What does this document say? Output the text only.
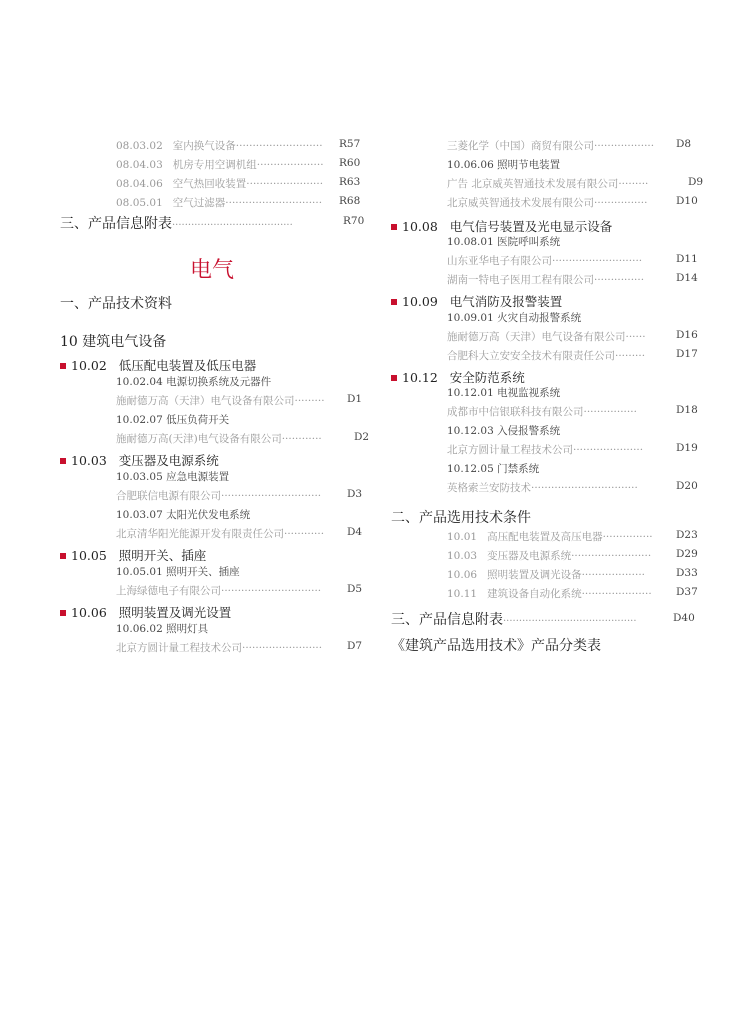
08.03.02 室内换气设备·························· R57
08.04.03 机房专用空调机组···················· R60
08.04.06 空气热回收装置······················· R63
08.05.01 空气过滤器····························· R68
三、产品信息附表······································	R70
电气
一、产品技术资料
10 建筑电气设备
10.02 低压配电装置及低压电器
10.02.04 电源切换系统及元器件
施耐德万高（天津）电气设备有限公司········· D1
10.02.07 低压负荷开关
施耐德万高(天津)电气设备有限公司············	D2
10.03 变压器及电源系统
10.03.05 应急电源装置
合肥联信电源有限公司······························ D3
10.03.07 太阳光伏发电系统
北京清华阳光能源开发有限责任公司············ D4
10.05 照明开关、插座
10.05.01 照明开关、插座
上海绿德电子有限公司······························ D5
10.06 照明装置及调光设置
10.06.02 照明灯具
北京方圆计量工程技术公司························ D7
三菱化学（中国）商贸有限公司·················· D8
10.06.06 照明节电装置
广告 北京威英智通技术发展有限公司·········	D9
北京威英智通技术发展有限公司················	D10
10.08 电气信号装置及光电显示设备
10.08.01 医院呼叫系统
山东亚华电子有限公司···························	D11
湖南一特电子医用工程有限公司···············	D14
10.09 电气消防及报警装置
10.09.01 火灾自动报警系统
施耐德万高（天津）电气设备有限公司······	D16
合肥科大立安安全技术有限责任公司·········	D17
10.12 安全防范系统
10.12.01 电视监视系统
成都市中信银联科技有限公司················	D18
10.12.03 入侵报警系统
北京方圆计量工程技术公司·····················	D19
10.12.05 门禁系统
英格索兰安防技术································	D20
二、产品选用技术条件
10.01 高压配电装置及高压电器··············· D23
10.03 变压器及电源系统························ D29
10.06 照明装置及调光设备···················	D33
10.11 建筑设备自动化系统····················· D37
三、产品信息附表··········································	D40
《建筑产品选用技术》产品分类表
